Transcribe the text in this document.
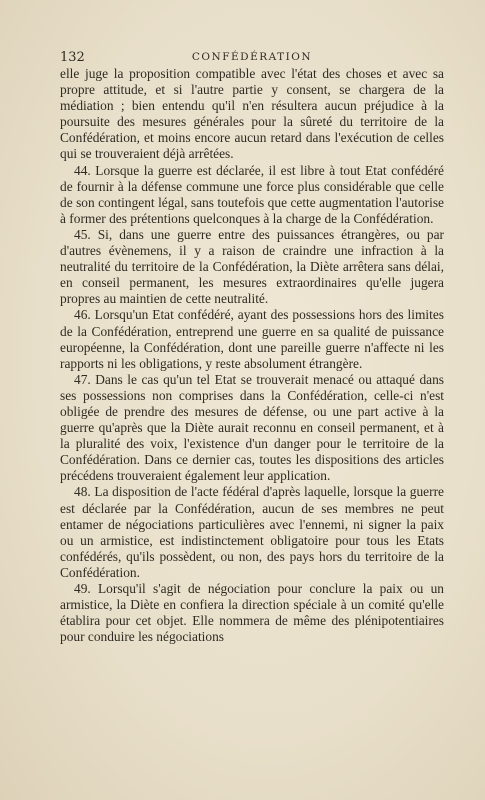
132	CONFÉDÉRATION

elle juge la proposition compatible avec l'état des choses et avec sa propre attitude, et si l'autre partie y consent, se chargera de la médiation ; bien entendu qu'il n'en résultera aucun préjudice à la poursuite des mesures générales pour la sûreté du territoire de la Confédération, et moins encore aucun retard dans l'exécution de celles qui se trouveraient déjà arrêtées.

44. Lorsque la guerre est déclarée, il est libre à tout Etat confédéré de fournir à la défense commune une force plus considérable que celle de son contingent légal, sans toutefois que cette augmentation l'autorise à former des prétentions quelconques à la charge de la Confédération.

45. Si, dans une guerre entre des puissances étrangères, ou par d'autres évènemens, il y a raison de craindre une infraction à la neutralité du territoire de la Confédération, la Diète arrêtera sans délai, en conseil permanent, les mesures extraordinaires qu'elle jugera propres au maintien de cette neutralité.

46. Lorsqu'un Etat confédéré, ayant des possessions hors des limites de la Confédération, entreprend une guerre en sa qualité de puissance européenne, la Confédération, dont une pareille guerre n'affecte ni les rapports ni les obligations, y reste absolument étrangère.

47. Dans le cas qu'un tel Etat se trouverait menacé ou attaqué dans ses possessions non comprises dans la Confédération, celle-ci n'est obligée de prendre des mesures de défense, ou une part active à la guerre qu'après que la Diète aurait reconnu en conseil permanent, et à la pluralité des voix, l'existence d'un danger pour le territoire de la Confédération. Dans ce dernier cas, toutes les dispositions des articles précédens trouveraient également leur application.

48. La disposition de l'acte fédéral d'après laquelle, lorsque la guerre est déclarée par la Confédération, aucun de ses membres ne peut entamer de négociations particulières avec l'ennemi, ni signer la paix ou un armistice, est indistinctement obligatoire pour tous les Etats confédérés, qu'ils possèdent, ou non, des pays hors du territoire de la Confédération.

49. Lorsqu'il s'agit de négociation pour conclure la paix ou un armistice, la Diète en confiera la direction spéciale à un comité qu'elle établira pour cet objet. Elle nommera de même des plénipotentiaires pour conduire les négociations
